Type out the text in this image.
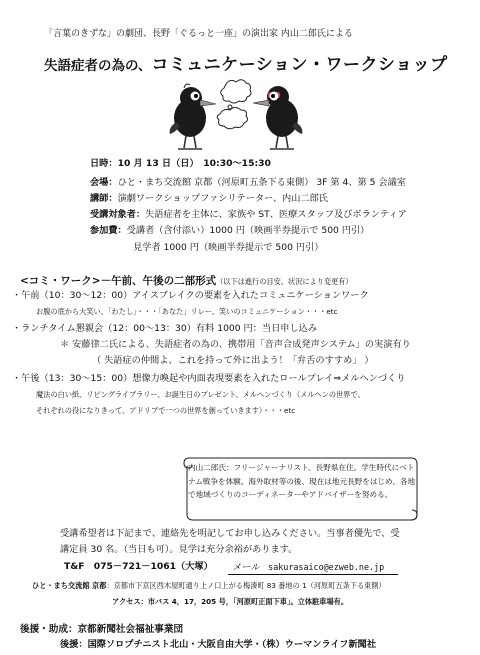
「言葉のきずな」の劇団、長野「ぐるっと一座」の演出家 内山二郎氏による
失語症者の為の、コミュニケーション・ワークショップ
日時：10 月 13 日（日）　10:30～15:30
会場：ひと・まち交流館 京都（河原町五条下る東側） 3F 第 4、第 5 会議室
講師：演劇ワークショップファシリテーター、内山二郎氏
受講対象者：失語症者を主体に、家族や ST、医療スタッフ及びボランティア
参加費：受講者（含付添い）1000 円（映画半券提示で 500 円引）
見学者 1000 円（映画半券提示で 500 円引）
<コミ・ワーク>－午前、午後の二部形式（以下は進行の目安。状況により変更有）
・午前（10：30～12：00）アイスブレイクの要素を入れたコミュニケーションワーク
お腹の底から大笑い、「わたし」・・・「あなた」リレー、笑いのコミュニケーション・・・etc
・ランチタイム懇親会（12：00～13：30）有料 1000 円：当日申し込み
＊ 安藤律二氏による、失語症者の為の、携帯用「音声合成発声システム」の実演有り
（ 失語症の仲間よ、これを持って外に出よう！「弁舌のすすめ」 ）
・午後（13：30～15：00）想像力喚起や内面表現要素を入れたロールプレイ⇒メルヘンづくり
魔法の白い紙、リビングライブラリー、お誕生日のプレゼント、メルヘンづくり（メルヘンの世界で、
それぞれの役になりきって、アドリブで一つの世界を創っていきます）・・・etc
内山二郎氏：フリージャーナリスト。長野県在住。学生時代にベトナム戦争を体験。海外取材等の後、現在は地元長野をはじめ、各地で地域づくりのコーディネーターやアドバイザーを努める。
受講希望者は下記まで、連絡先を明記してお申し込みください。当事者優先で、受
講定員 30 名。（当日も可）。見学は充分余裕があります。
T&F　075－721－1061（大塚） メール sakurasaico@ezweb.ne.jp
ひと・まち交流館 京都：京都市下京区西木屋町通り上ノ口上がる梅湊町 83 番地の 1（河原町五条下る東側）
アクセス：市バス 4，17，205 号，「河原町正面下車」。立体駐車場有。
後援・助成：京都新聞社会福祉事業団
後援：国際ソロプチニスト北山・大阪自由大学・（株）ウーマンライフ新聞社
